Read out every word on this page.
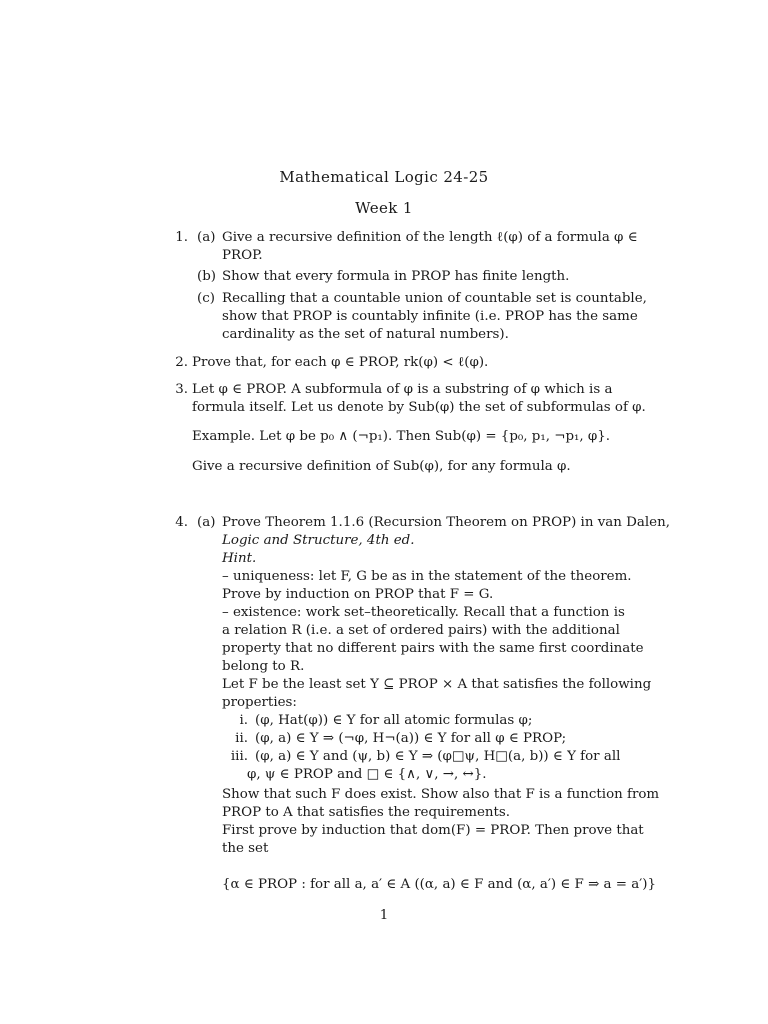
Mathematical Logic 24-25
Week 1
1. (a) Give a recursive definition of the length ℓ(φ) of a formula φ ∈
PROP.
(b) Show that every formula in PROP has finite length.
(c) Recalling that a countable union of countable set is countable,
show that PROP is countably infinite (i.e. PROP has the same
cardinality as the set of natural numbers).
2. Prove that, for each φ ∈ PROP, rk(φ) < ℓ(φ).
3. Let φ ∈ PROP. A subformula of φ is a substring of φ which is a
formula itself. Let us denote by Sub(φ) the set of subformulas of φ.
Example. Let φ be p₀ ∧ (¬p₁). Then Sub(φ) = {p₀, p₁, ¬p₁, φ}.
Give a recursive definition of Sub(φ), for any formula φ.
4. (a) Prove Theorem 1.1.6 (Recursion Theorem on PROP) in van Dalen,
Logic and Structure, 4th ed.
Hint.
– uniqueness: let F, G be as in the statement of the theorem.
Prove by induction on PROP that F = G.
– existence: work set–theoretically. Recall that a function is
a relation R (i.e. a set of ordered pairs) with the additional
property that no different pairs with the same first coordinate
belong to R.
Let F be the least set Y ⊆ PROP × A that satisfies the following
properties:
i. (φ, Hat(φ)) ∈ Y for all atomic formulas φ;
ii. (φ, a) ∈ Y ⇒ (¬φ, H¬(a)) ∈ Y for all φ ∈ PROP;
iii. (φ, a) ∈ Y and (ψ, b) ∈ Y ⇒ (φ□ψ, H□(a, b)) ∈ Y for all
φ, ψ ∈ PROP and □ ∈ {∧, ∨, →, ↔}.
Show that such F does exist. Show also that F is a function from
PROP to A that satisfies the requirements.
First prove by induction that dom(F) = PROP. Then prove that
the set
{α ∈ PROP : for all a, a′ ∈ A ((α, a) ∈ F and (α, a′) ∈ F ⇒ a = a′)}
1
